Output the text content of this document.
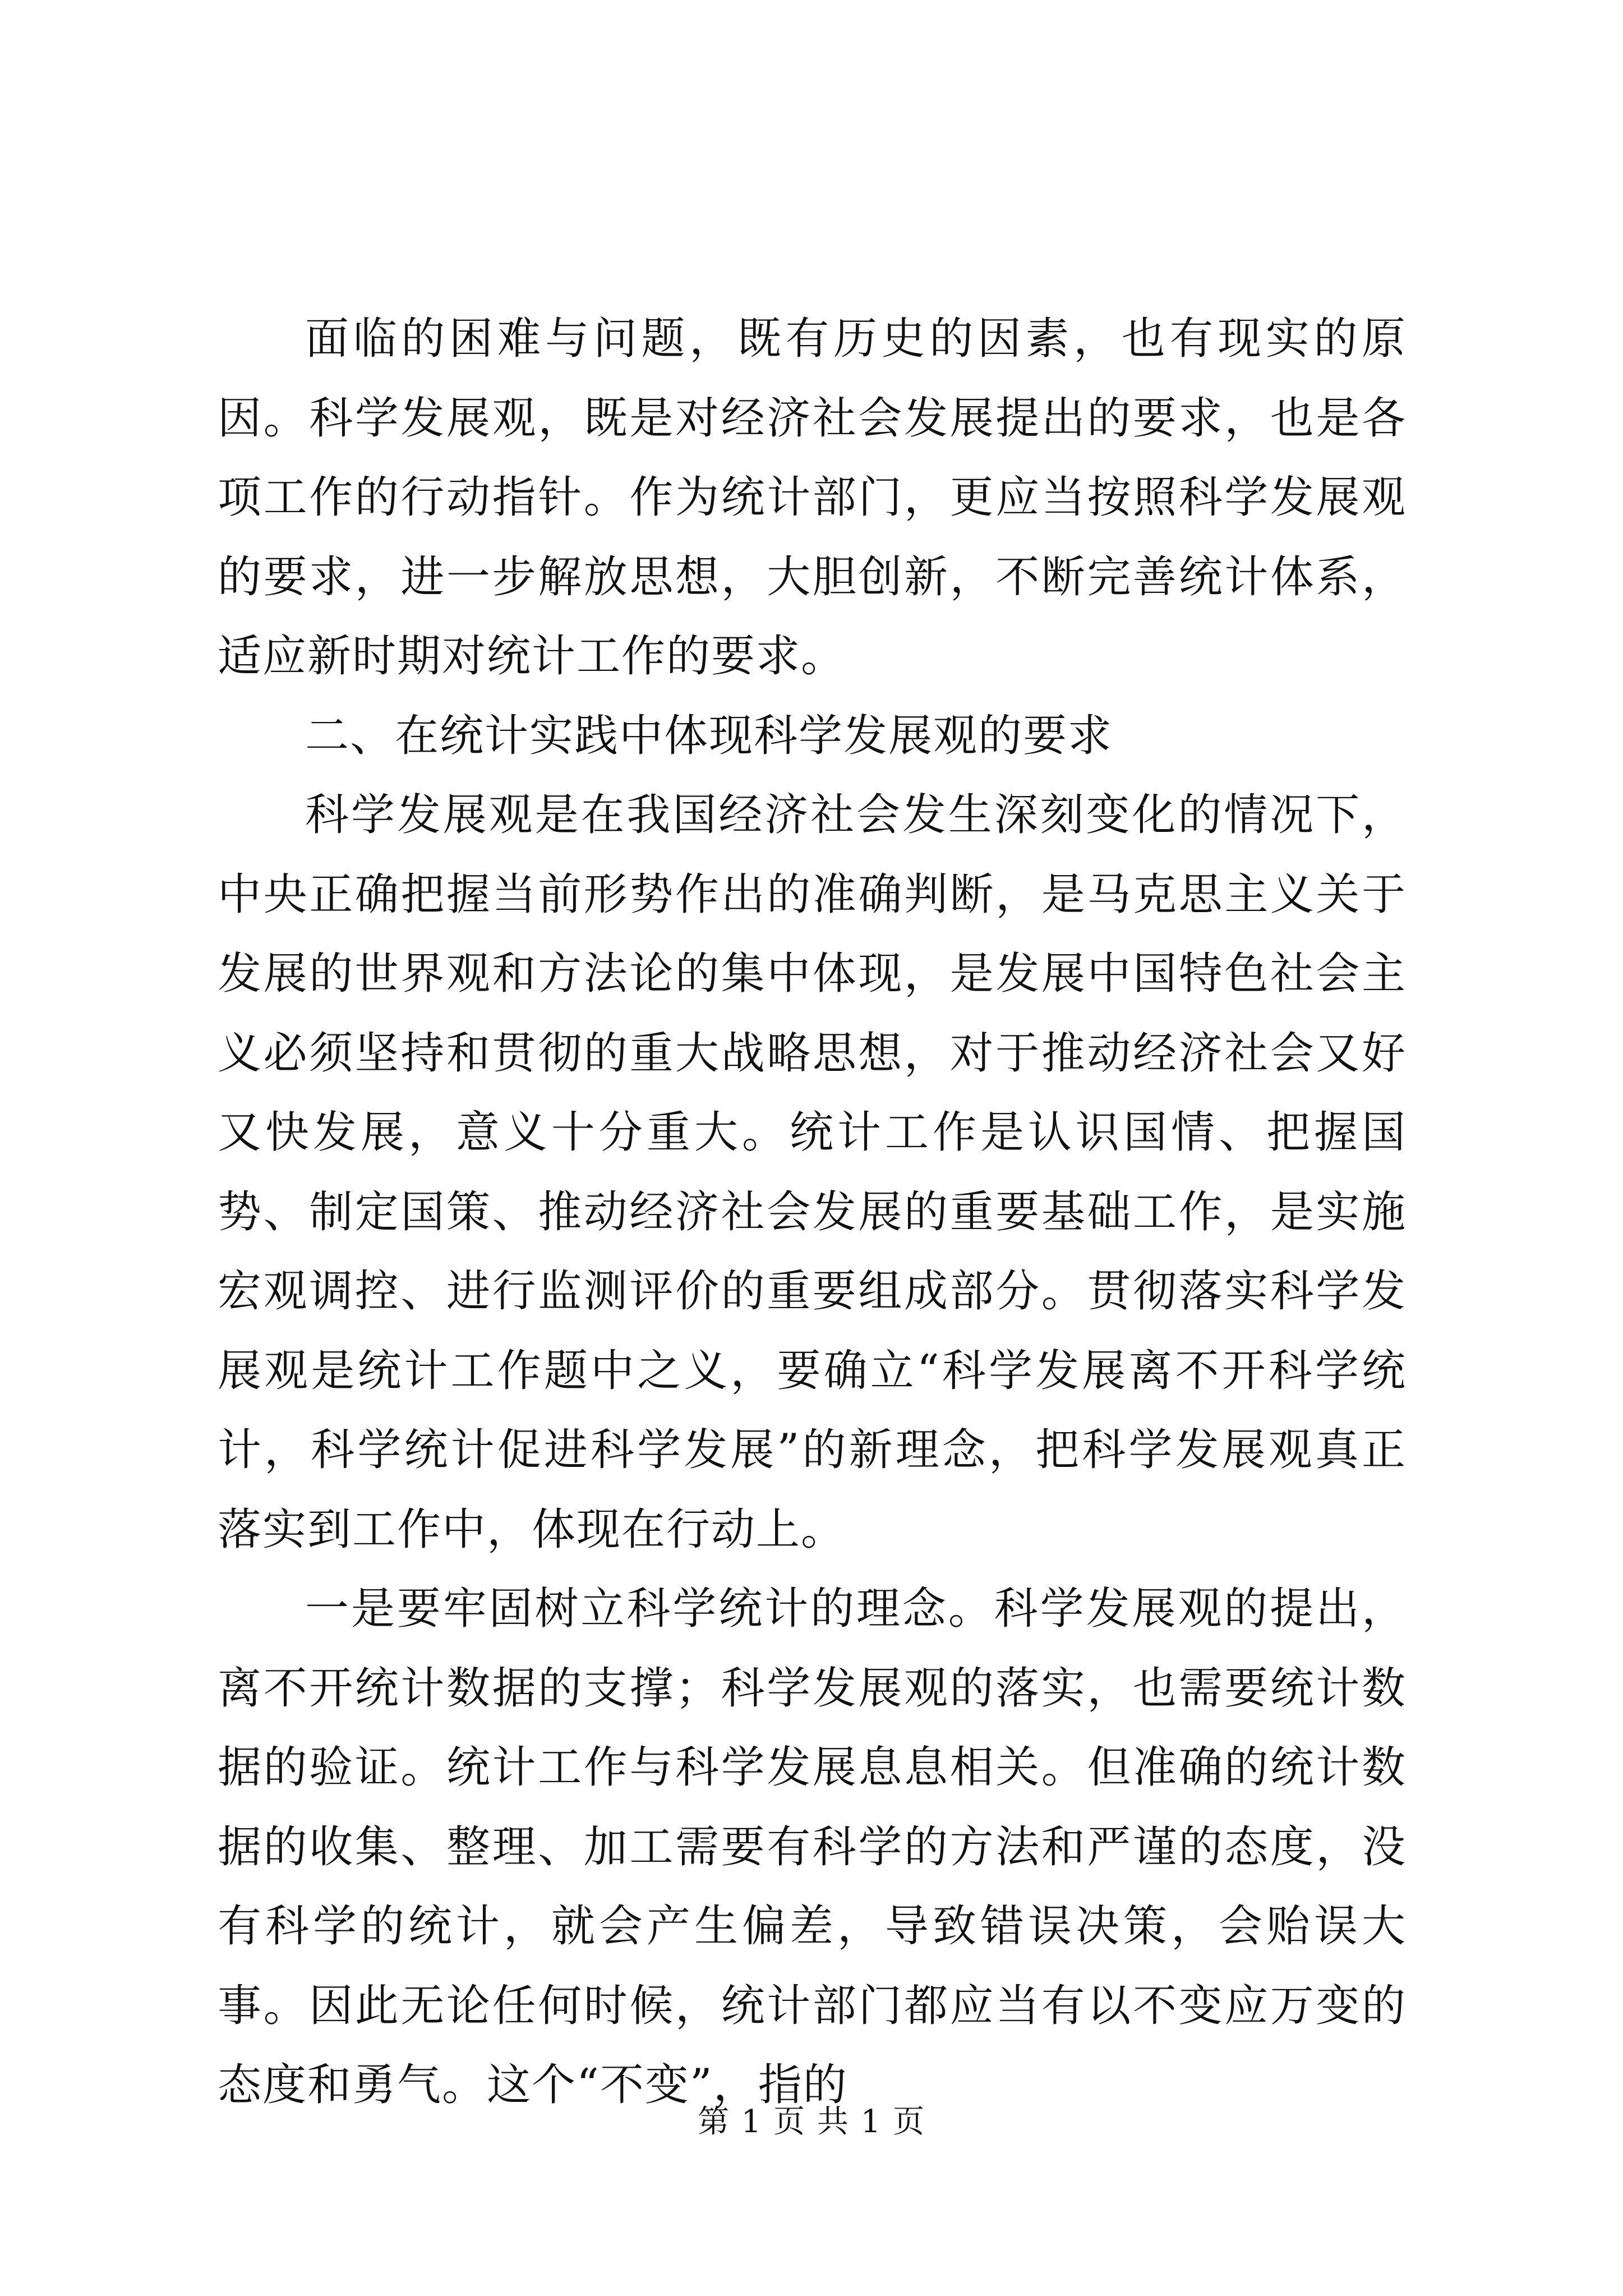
面临的困难与问题，既有历史的因素，也有现实的原因。科学发展观，既是对经济社会发展提出的要求，也是各项工作的行动指针。作为统计部门，更应当按照科学发展观的要求，进一步解放思想，大胆创新，不断完善统计体系，适应新时期对统计工作的要求。

二、在统计实践中体现科学发展观的要求

科学发展观是在我国经济社会发生深刻变化的情况下，中央正确把握当前形势作出的准确判断，是马克思主义关于发展的世界观和方法论的集中体现，是发展中国特色社会主义必须坚持和贯彻的重大战略思想，对于推动经济社会又好又快发展，意义十分重大。统计工作是认识国情、把握国势、制定国策、推动经济社会发展的重要基础工作，是实施宏观调控、进行监测评价的重要组成部分。贯彻落实科学发展观是统计工作题中之义，要确立“科学发展离不开科学统计，科学统计促进科学发展”的新理念，把科学发展观真正落实到工作中，体现在行动上。

一是要牢固树立科学统计的理念。科学发展观的提出，离不开统计数据的支撑；科学发展观的落实，也需要统计数据的验证。统计工作与科学发展息息相关。但准确的统计数据的收集、整理、加工需要有科学的方法和严谨的态度，没有科学的统计，就会产生偏差，导致错误决策，会贻误大事。因此无论任何时候，统计部门都应当有以不变应万变的态度和勇气。这个“不变”，指的

第 1 页 共 1 页
